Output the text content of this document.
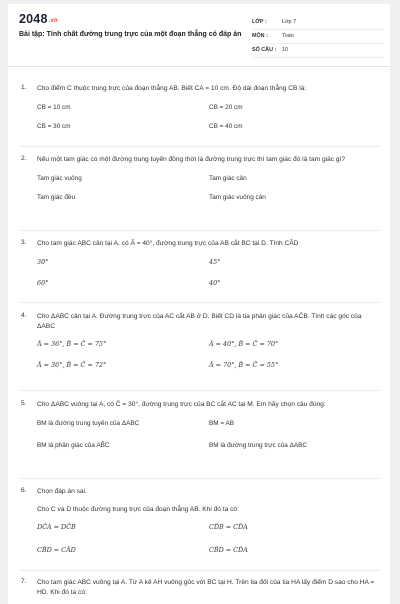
2048.vn
Bài tập: Tính chất đường trung trực của một đoạn thẳng có đáp án
LỚP :	Lớp 7
MÔN :	Toán
SỐ CÂU : 10
1. Cho điểm C thuộc trung trực của đoạn thẳng AB. Biết CA = 10 cm. Độ dài đoạn thẳng CB là:
CB = 10 cm	CB = 20 cm
CB = 30 cm	CB = 40 cm
2. Nếu một tam giác có một đường trung tuyến đồng thời là đường trung trực thì tam giác đó là tam giác gì?
Tam giác vuông	Tam giác cân
Tam giác đều	Tam giác vuông cân
3. Cho tam giác ABC cân tại A, có Â = 40°, đường trung trực của AB cắt BC tại D. Tính CÂD
30°	45°
60°	40°
4. Cho ΔABC cân tại A. Đường trung trực của AC cắt AB ở D. Biết CD là tia phân giác của AĈB. Tính các góc của ΔABC
Â = 36°, B̂ = Ĉ = 75°	Â = 40°, B̂ = Ĉ = 70°
Â = 36°, B̂ = Ĉ = 72°	Â = 70°, B̂ = Ĉ = 55°
5. Cho ΔABC vuông tại A, có Ĉ = 30°, đường trung trực của BC cắt AC tại M. Em hãy chọn câu đúng:
BM là đường trung tuyến của ΔABC	BM = AB
BM là phân giác của AB̂C	BM là đường trung trực của ΔABC
6. Chọn đáp án sai.
Cho C và D thuộc đường trung trực của đoạn thẳng AB. Khi đó ta có:
DĈA = DĈB	CD̂B = CD̂A
CB̂D = CÂD	CB̂D = CD̂A
7. Cho tam giác ABC vuông tại A. Từ A kẻ AH vuông góc với BC tại H. Trên tia đối của tia HA lấy điểm D sao cho HA = HD. Khi đó ta có:
